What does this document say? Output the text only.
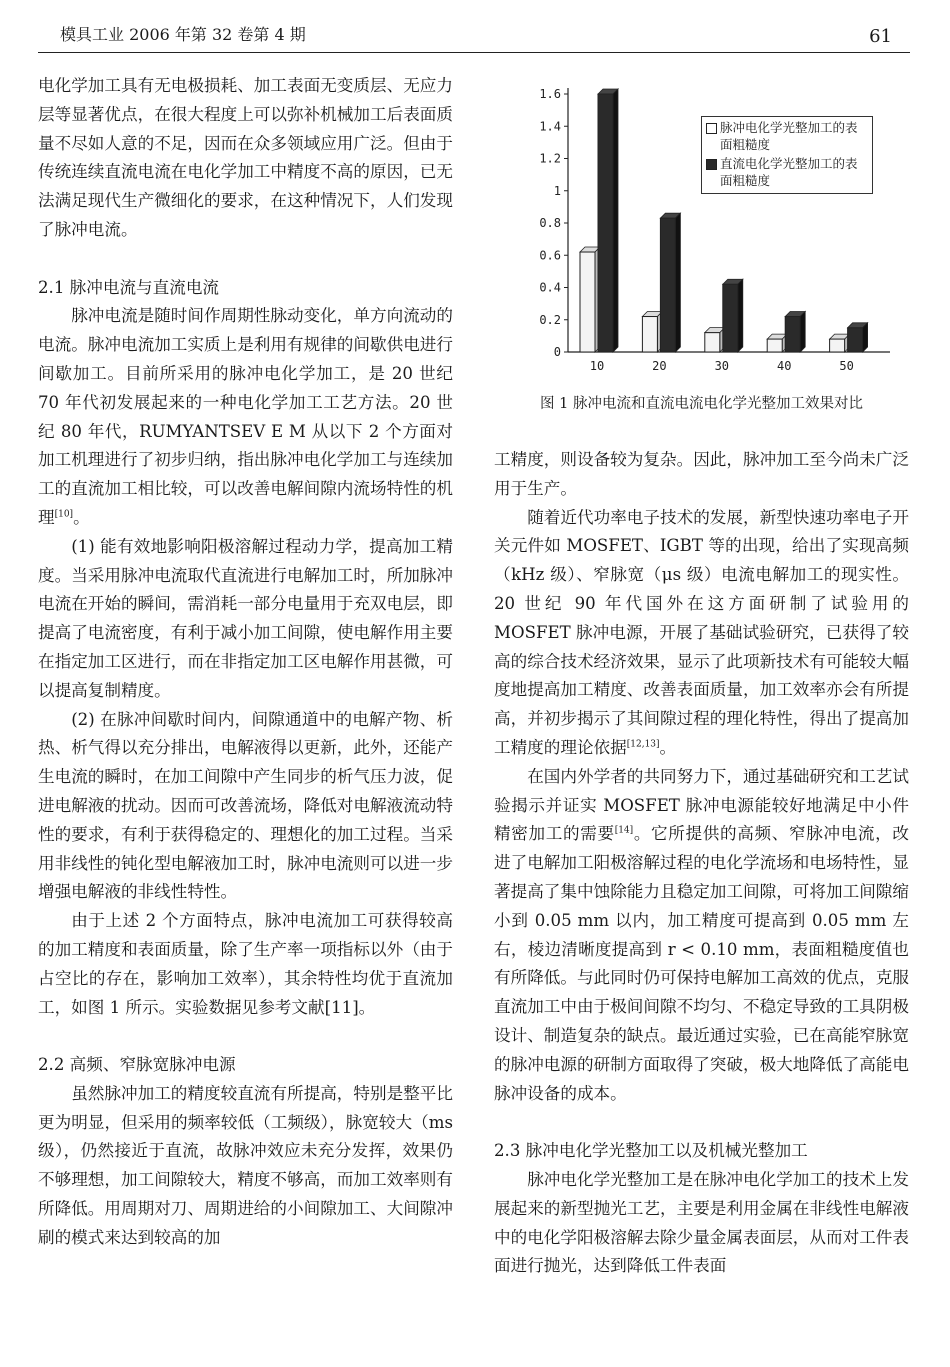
模具工业 2006 年第 32 卷第 4 期	61

电化学加工具有无电极损耗、加工表面无变质层、无应力层等显著优点，在很大程度上可以弥补机械加工后表面质量不尽如人意的不足，因而在众多领域应用广泛。但由于传统连续直流电流在电化学加工中精度不高的原因，已无法满足现代生产微细化的要求，在这种情况下，人们发现了脉冲电流。

2.1 脉冲电流与直流电流

脉冲电流是随时间作周期性脉动变化，单方向流动的电流。脉冲电流加工实质上是利用有规律的间歇供电进行间歇加工。目前所采用的脉冲电化学加工，是 20 世纪 70 年代初发展起来的一种电化学加工工艺方法。20 世纪 80 年代，RUMYANTSEV E M 从以下 2 个方面对加工机理进行了初步归纳，指出脉冲电化学加工与连续加工的直流加工相比较，可以改善电解间隙内流场特性的机理[10]。

(1) 能有效地影响阳极溶解过程动力学，提高加工精度。当采用脉冲电流取代直流进行电解加工时，所加脉冲电流在开始的瞬间，需消耗一部分电量用于充双电层，即提高了电流密度，有利于减小加工间隙，使电解作用主要在指定加工区进行，而在非指定加工区电解作用甚微，可以提高复制精度。

(2) 在脉冲间歇时间内，间隙通道中的电解产物、析热、析气得以充分排出，电解液得以更新，此外，还能产生电流的瞬时，在加工间隙中产生同步的析气压力波，促进电解液的扰动。因而可改善流场，降低对电解液流动特性的要求，有利于获得稳定的、理想化的加工过程。当采用非线性的钝化型电解液加工时，脉冲电流则可以进一步增强电解液的非线性特性。

由于上述 2 个方面特点，脉冲电流加工可获得较高的加工精度和表面质量，除了生产率一项指标以外（由于占空比的存在，影响加工效率），其余特性均优于直流加工，如图 1 所示。实验数据见参考文献[11]。

2.2 高频、窄脉宽脉冲电源

虽然脉冲加工的精度较直流有所提高，特别是整平比更为明显，但采用的频率较低（工频级），脉宽较大（ms 级），仍然接近于直流，故脉冲效应未充分发挥，效果仍不够理想，加工间隙较大，精度不够高，而加工效率则有所降低。用周期对刀、周期进给的小间隙加工、大间隙冲刷的模式来达到较高的加

0
0.2
0.4
0.6
0.8
1
1.2
1.4
1.6
10	20	30	40	50
脉冲电化学光整加工的表面粗糙度
直流电化学光整加工的表面粗糙度
图 1 脉冲电流和直流电流电化学光整加工效果对比

工精度，则设备较为复杂。因此，脉冲加工至今尚未广泛用于生产。

随着近代功率电子技术的发展，新型快速功率电子开关元件如 MOSFET、IGBT 等的出现，给出了实现高频（kHz 级）、窄脉宽（μs 级）电流电解加工的现实性。20 世纪 90 年代国外在这方面研制了试验用的 MOSFET 脉冲电源，开展了基础试验研究，已获得了较高的综合技术经济效果，显示了此项新技术有可能较大幅度地提高加工精度、改善表面质量，加工效率亦会有所提高，并初步揭示了其间隙过程的理化特性，得出了提高加工精度的理论依据[12,13]。

在国内外学者的共同努力下，通过基础研究和工艺试验揭示并证实 MOSFET 脉冲电源能较好地满足中小件精密加工的需要[14]。它所提供的高频、窄脉冲电流，改进了电解加工阳极溶解过程的电化学流场和电场特性，显著提高了集中蚀除能力且稳定加工间隙，可将加工间隙缩小到 0.05 mm 以内，加工精度可提高到 0.05 mm 左右，棱边清晰度提高到 r < 0.10 mm，表面粗糙度值也有所降低。与此同时仍可保持电解加工高效的优点，克服直流加工中由于极间间隙不均匀、不稳定导致的工具阴极设计、制造复杂的缺点。最近通过实验，已在高能窄脉宽的脉冲电源的研制方面取得了突破，极大地降低了高能电脉冲设备的成本。

2.3 脉冲电化学光整加工以及机械光整加工

脉冲电化学光整加工是在脉冲电化学加工的技术上发展起来的新型抛光工艺，主要是利用金属在非线性电解液中的电化学阳极溶解去除少量金属表面层，从而对工件表面进行抛光，达到降低工件表面
